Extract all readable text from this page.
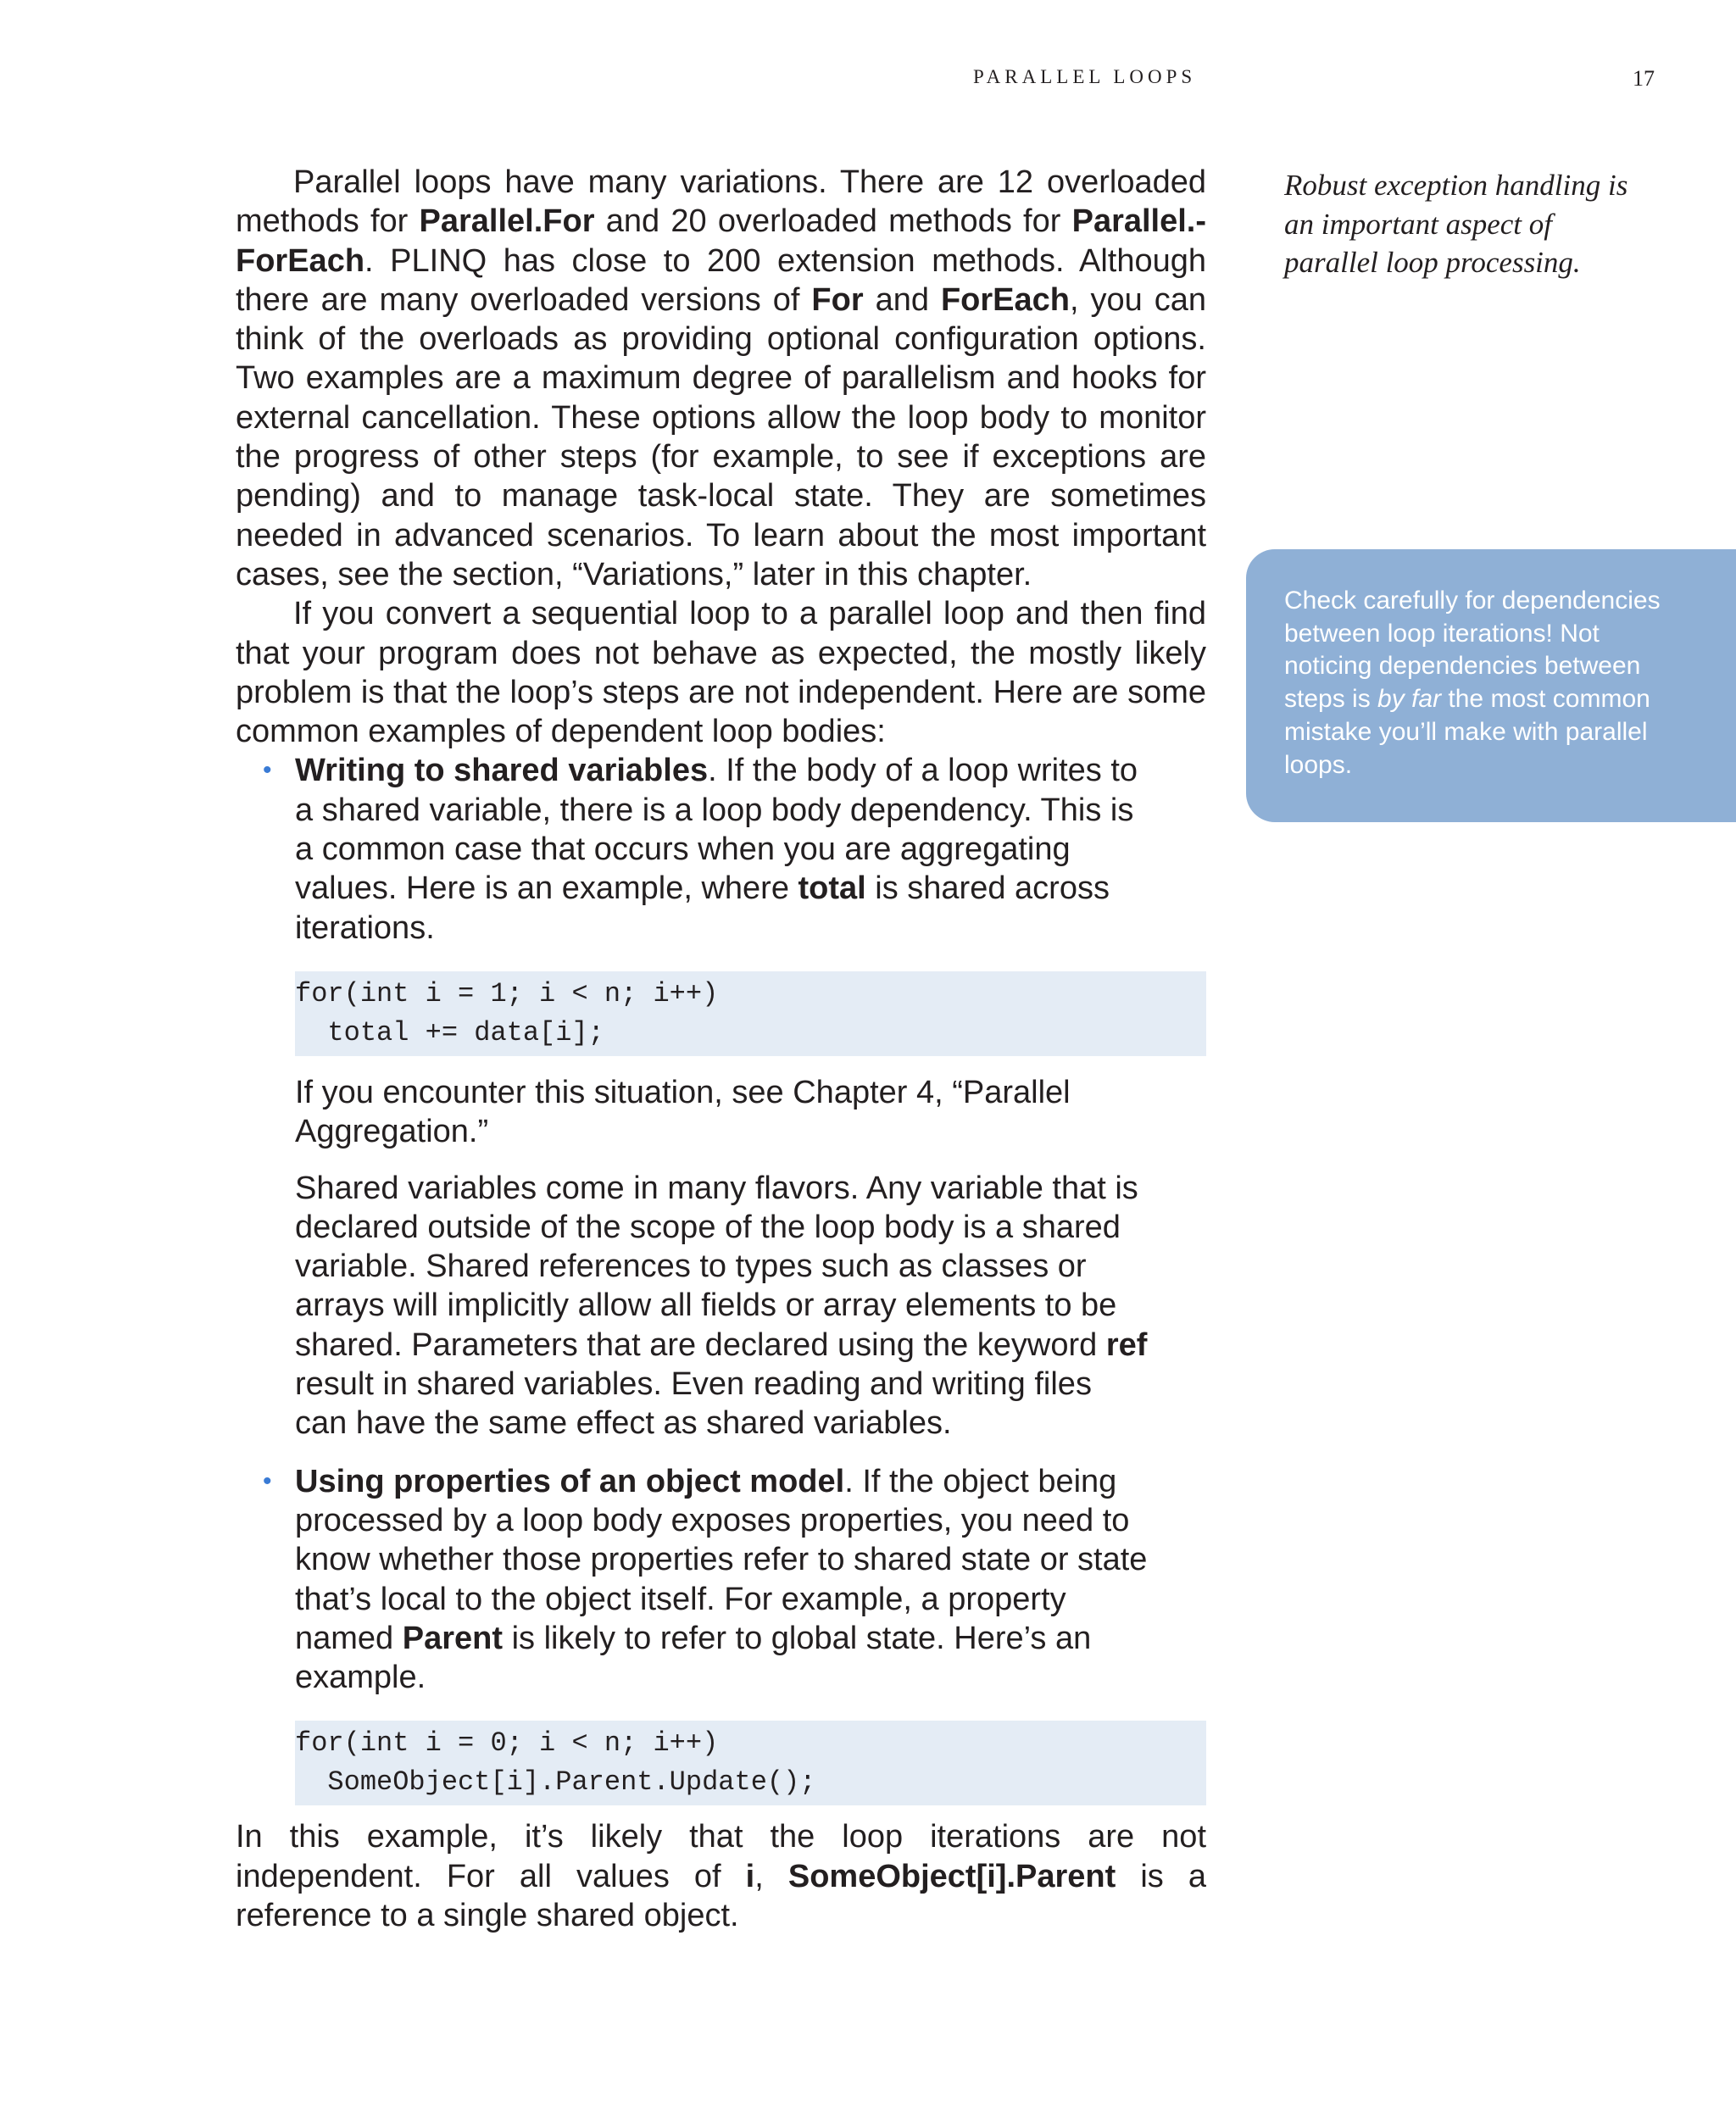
PARALLEL LOOPS	17

Parallel loops have many variations. There are 12 overloaded methods for Parallel.For and 20 overloaded methods for Parallel.ForEach. PLINQ has close to 200 extension methods. Although there are many overloaded versions of For and ForEach, you can think of the overloads as providing optional configuration options. Two examples are a maximum degree of parallelism and hooks for external cancellation. These options allow the loop body to monitor the progress of other steps (for example, to see if exceptions are pending) and to manage task-local state. They are sometimes needed in advanced scenarios. To learn about the most important cases, see the section, “Variations,” later in this chapter.

If you convert a sequential loop to a parallel loop and then find that your program does not behave as expected, the mostly likely problem is that the loop’s steps are not independent. Here are some common examples of dependent loop bodies:

• Writing to shared variables. If the body of a loop writes to a shared variable, there is a loop body dependency. This is a common case that occurs when you are aggregating values. Here is an example, where total is shared across iterations.

for(int i = 1; i < n; i++)
total += data[i];

If you encounter this situation, see Chapter 4, “Parallel Aggregation.”

Shared variables come in many flavors. Any variable that is declared outside of the scope of the loop body is a shared variable. Shared references to types such as classes or arrays will implicitly allow all fields or array elements to be shared. Parameters that are declared using the keyword ref result in shared variables. Even reading and writing files can have the same effect as shared variables.

• Using properties of an object model. If the object being processed by a loop body exposes properties, you need to know whether those properties refer to shared state or state that’s local to the object itself. For example, a property named Parent is likely to refer to global state. Here’s an example.

for(int i = 0; i < n; i++)
SomeObject[i].Parent.Update();

In this example, it’s likely that the loop iterations are not independent. For all values of i, SomeObject[i].Parent is a reference to a single shared object.

Robust exception handling is an important aspect of parallel loop processing.

Check carefully for dependencies between loop iterations! Not noticing dependencies between steps is by far the most common mistake you’ll make with parallel loops.
